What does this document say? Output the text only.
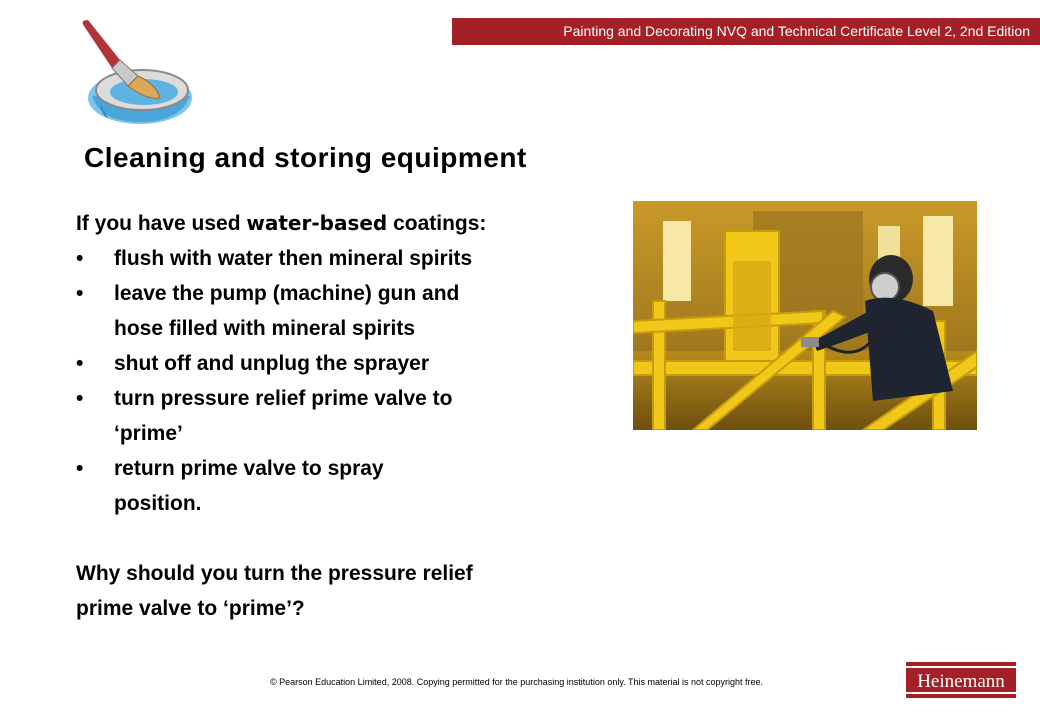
Painting and Decorating NVQ and Technical Certificate Level 2, 2nd Edition
Cleaning and storing equipment

If you have used water-based coatings:

• flush with water then mineral spirits
• leave the pump (machine) gun and
hose filled with mineral spirits
• shut off and unplug the sprayer
• turn pressure relief prime valve to
‘prime’
• return prime valve to spray
position.
Why should you turn the pressure relief
prime valve to ‘prime’?
© Pearson Education Limited, 2008. Copying permitted for the purchasing institution only. This material is not copyright free.	Heinemann
